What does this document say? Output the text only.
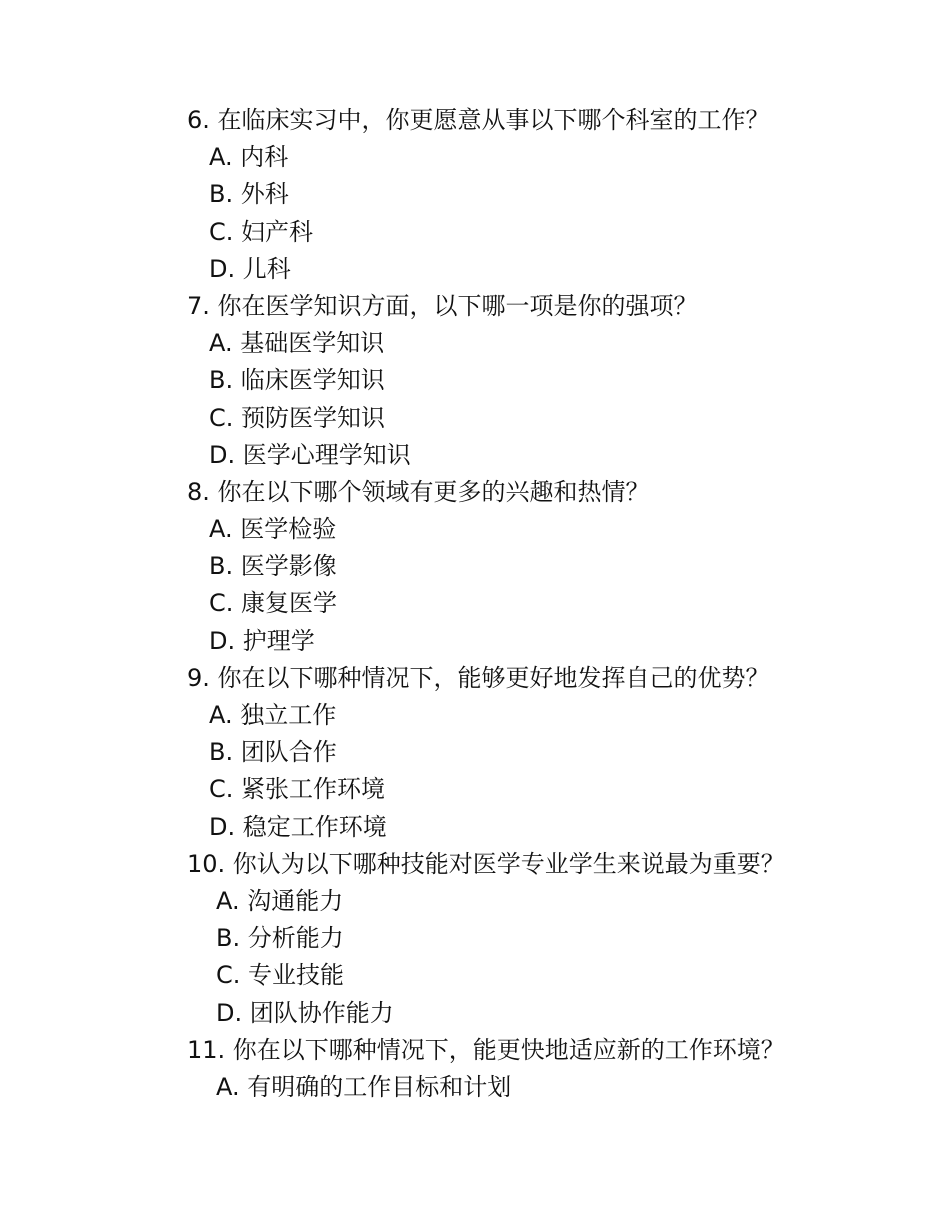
6. 在临床实习中，你更愿意从事以下哪个科室的工作？
A. 内科
B. 外科
C. 妇产科
D. 儿科
7. 你在医学知识方面，以下哪一项是你的强项？
A. 基础医学知识
B. 临床医学知识
C. 预防医学知识
D. 医学心理学知识
8. 你在以下哪个领域有更多的兴趣和热情？
A. 医学检验
B. 医学影像
C. 康复医学
D. 护理学
9. 你在以下哪种情况下，能够更好地发挥自己的优势？
A. 独立工作
B. 团队合作
C. 紧张工作环境
D. 稳定工作环境
10. 你认为以下哪种技能对医学专业学生来说最为重要？
A. 沟通能力
B. 分析能力
C. 专业技能
D. 团队协作能力
11. 你在以下哪种情况下，能更快地适应新的工作环境？
A. 有明确的工作目标和计划
